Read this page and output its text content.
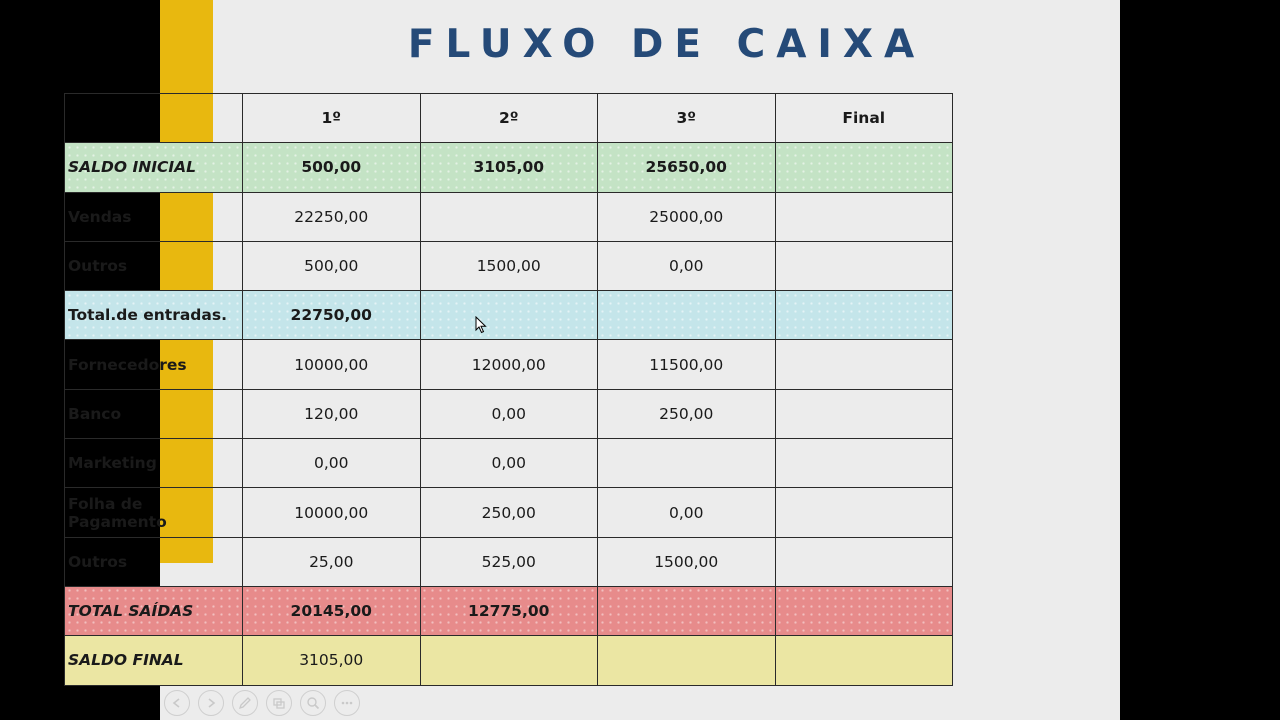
FLUXO DE CAIXA
	1º	2º	3º	Final
SALDO INICIAL	500,00	3105,00	25650,00	
Vendas	22250,00		25000,00	
Outros	500,00	1500,00	0,00	
Total.de entradas.	22750,00			
Fornecedores	10000,00	12000,00	11500,00	
Banco	120,00	0,00	250,00	
Marketing	0,00	0,00		
Folha de Pagamento	10000,00	250,00	0,00	
Outros	25,00	525,00	1500,00	
TOTAL SAÍDAS	20145,00	12775,00		
SALDO FINAL	3105,00			
